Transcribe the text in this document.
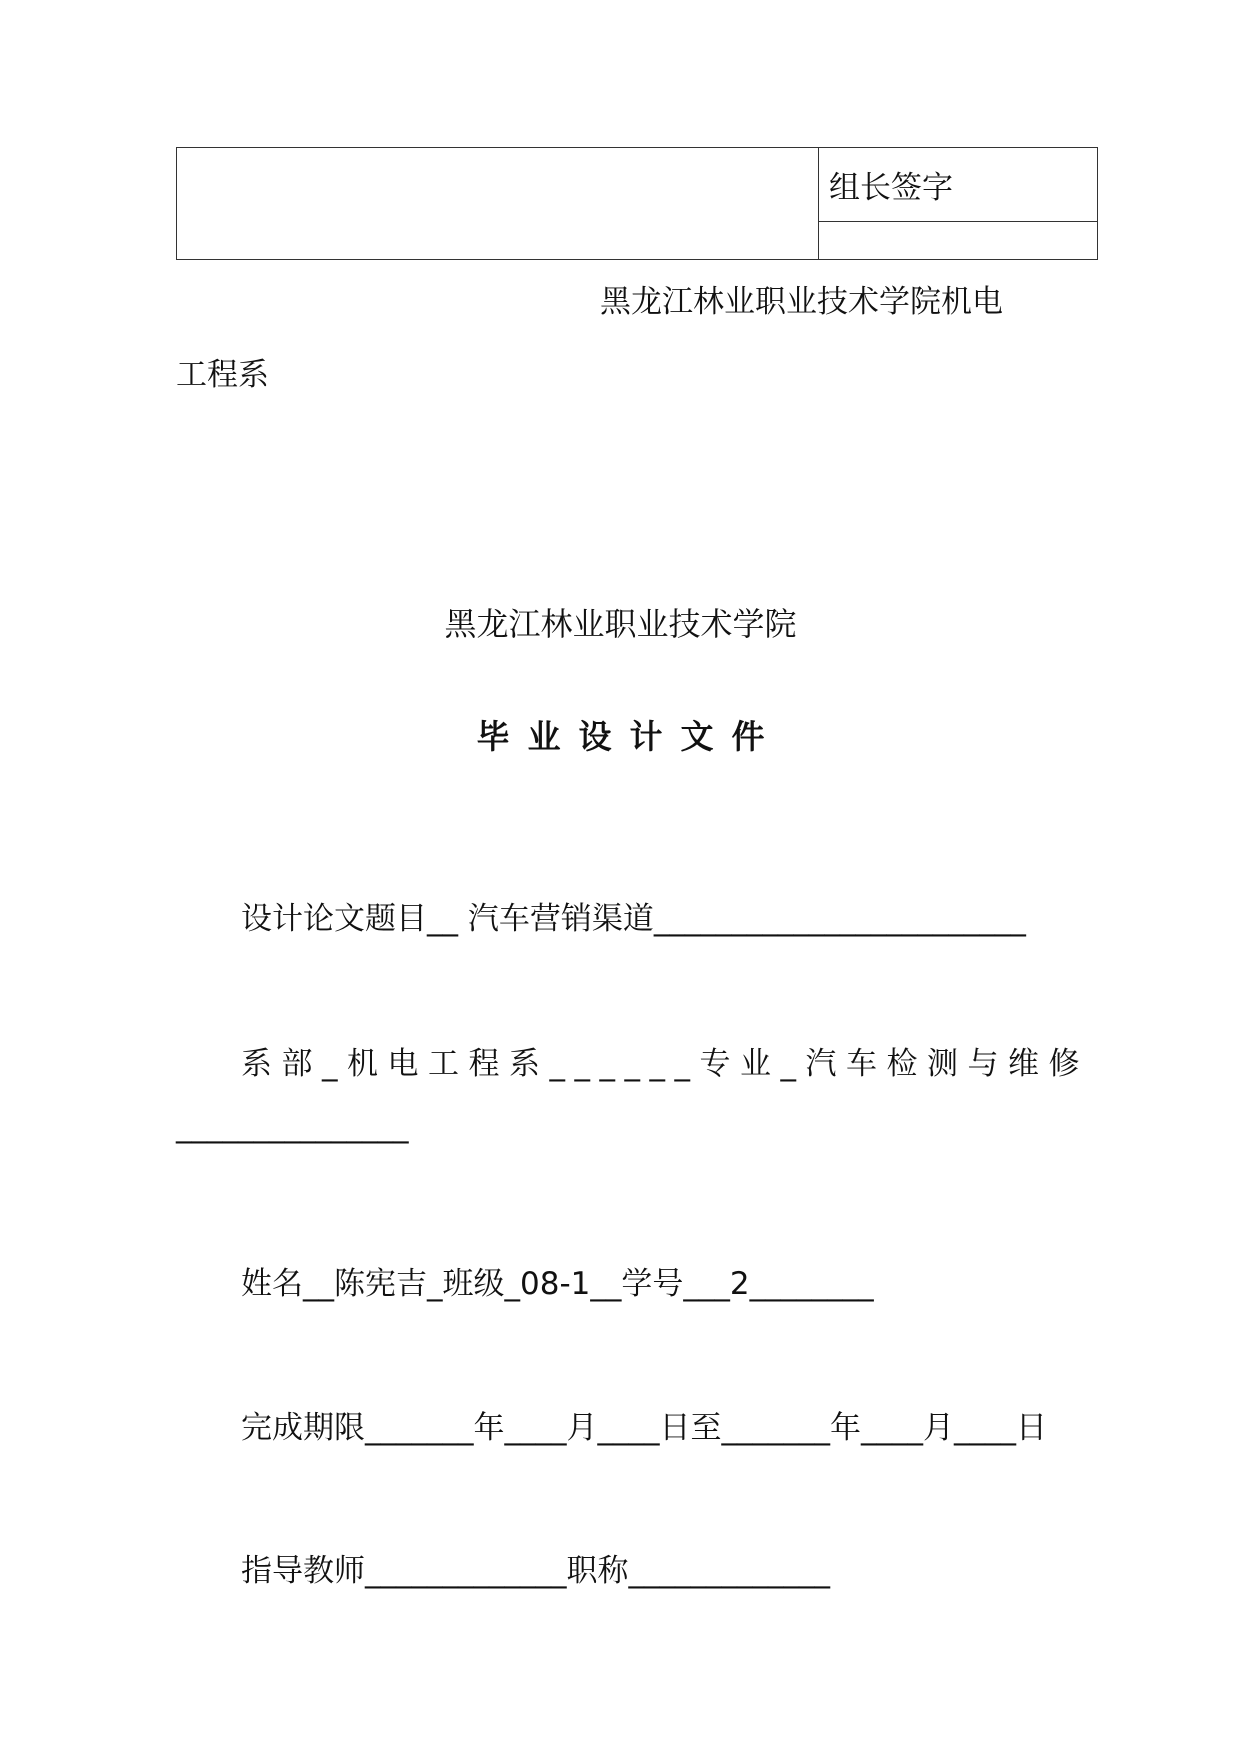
	组长签字

黑龙江林业职业技术学院机电
工程系
黑龙江林业职业技术学院
毕业设计文件
设计论文题目__ 汽车营销渠道________________________
系部_机电工程系______专业_汽车检测与维修
_______________
姓名__陈宪吉_班级_08-1__学号___2________
完成期限_______年____月____日至_______年____月____日
指导教师_____________职称_____________
